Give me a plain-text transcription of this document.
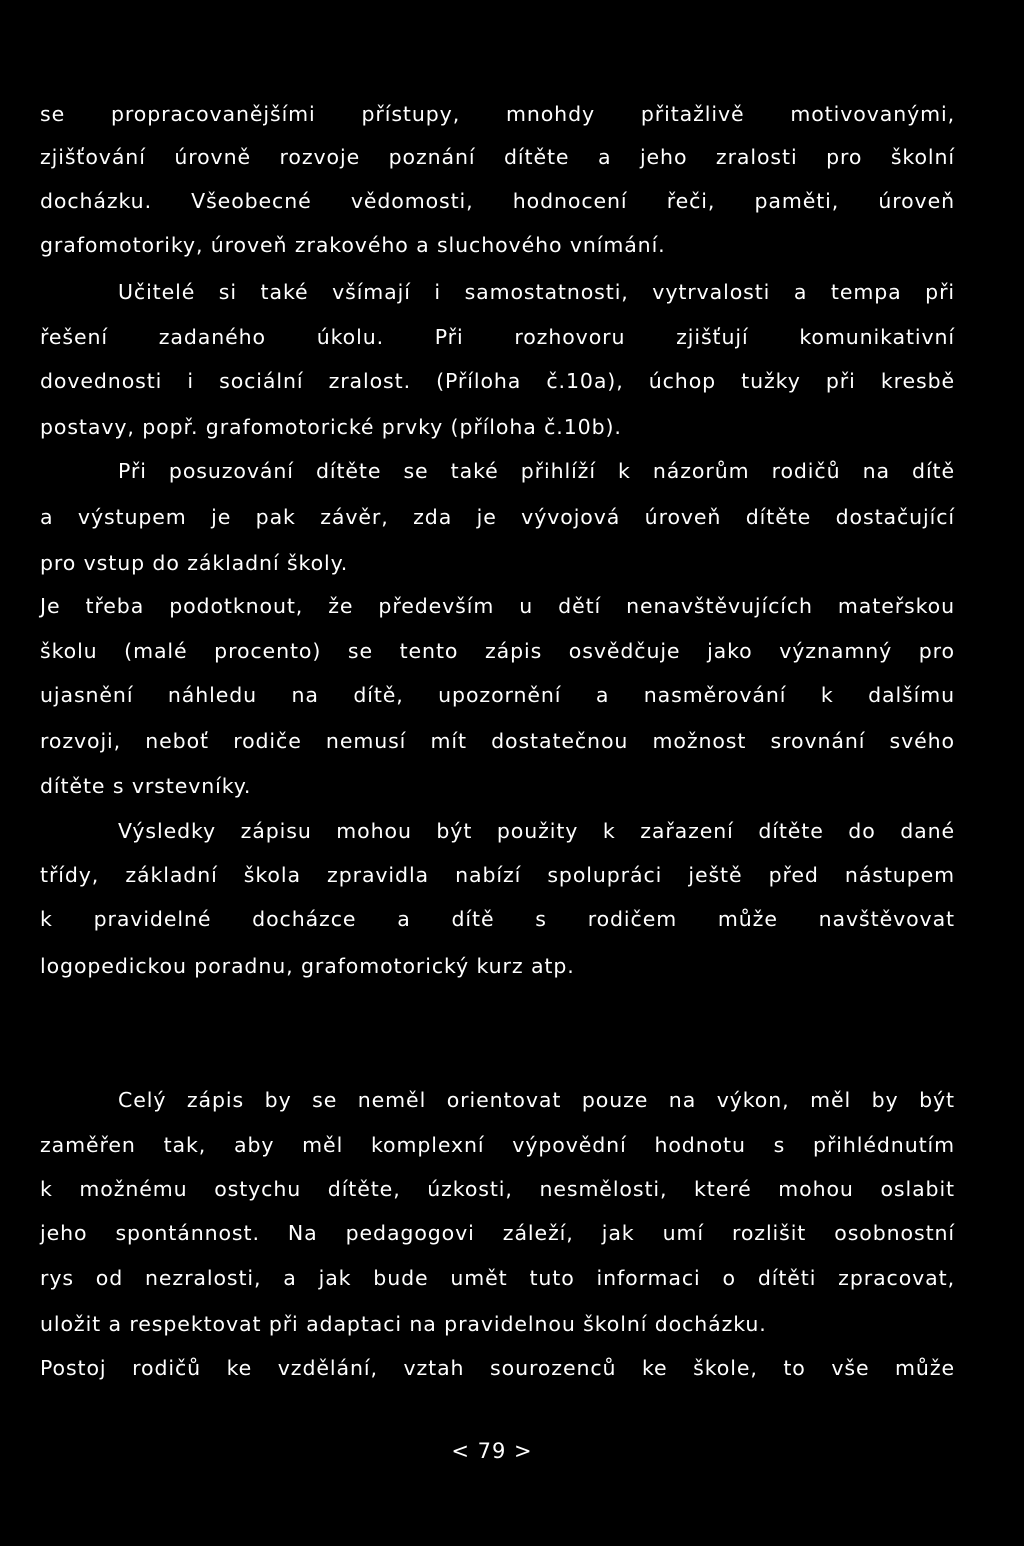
se propracovanějšími přístupy, mnohdy přitažlivě motivovanými,
zjišťování úrovně rozvoje poznání dítěte a jeho zralosti pro školní
docházku. Všeobecné vědomosti, hodnocení řeči, paměti, úroveň
grafomotoriky, úroveň zrakového a sluchového vnímání.
Učitelé si také všímají i samostatnosti, vytrvalosti a tempa při
řešení zadaného úkolu. Při rozhovoru zjišťují komunikativní
dovednosti i sociální zralost. (Příloha č.10a), úchop tužky při kresbě
postavy, popř. grafomotorické prvky (příloha č.10b).
Při posuzování dítěte se také přihlíží k názorům rodičů na dítě
a výstupem je pak závěr, zda je vývojová úroveň dítěte dostačující
pro vstup do základní školy.
Je třeba podotknout, že především u dětí nenavštěvujících mateřskou
školu (malé procento) se tento zápis osvědčuje jako významný pro
ujasnění náhledu na dítě, upozornění a nasměrování k dalšímu
rozvoji, neboť rodiče nemusí mít dostatečnou možnost srovnání svého
dítěte s vrstevníky.
Výsledky zápisu mohou být použity k zařazení dítěte do dané
třídy, základní škola zpravidla nabízí spolupráci ještě před nástupem
k pravidelné docházce a dítě s rodičem může navštěvovat
logopedickou poradnu, grafomotorický kurz atp.
Celý zápis by se neměl orientovat pouze na výkon, měl by být
zaměřen tak, aby měl komplexní výpovědní hodnotu s přihlédnutím
k možnému ostychu dítěte, úzkosti, nesmělosti, které mohou oslabit
jeho spontánnost. Na pedagogovi záleží, jak umí rozlišit osobnostní
rys od nezralosti, a jak bude umět tuto informaci o dítěti zpracovat,
uložit a respektovat při adaptaci na pravidelnou školní docházku.
Postoj rodičů ke vzdělání, vztah sourozenců ke škole, to vše může
< 79 >
